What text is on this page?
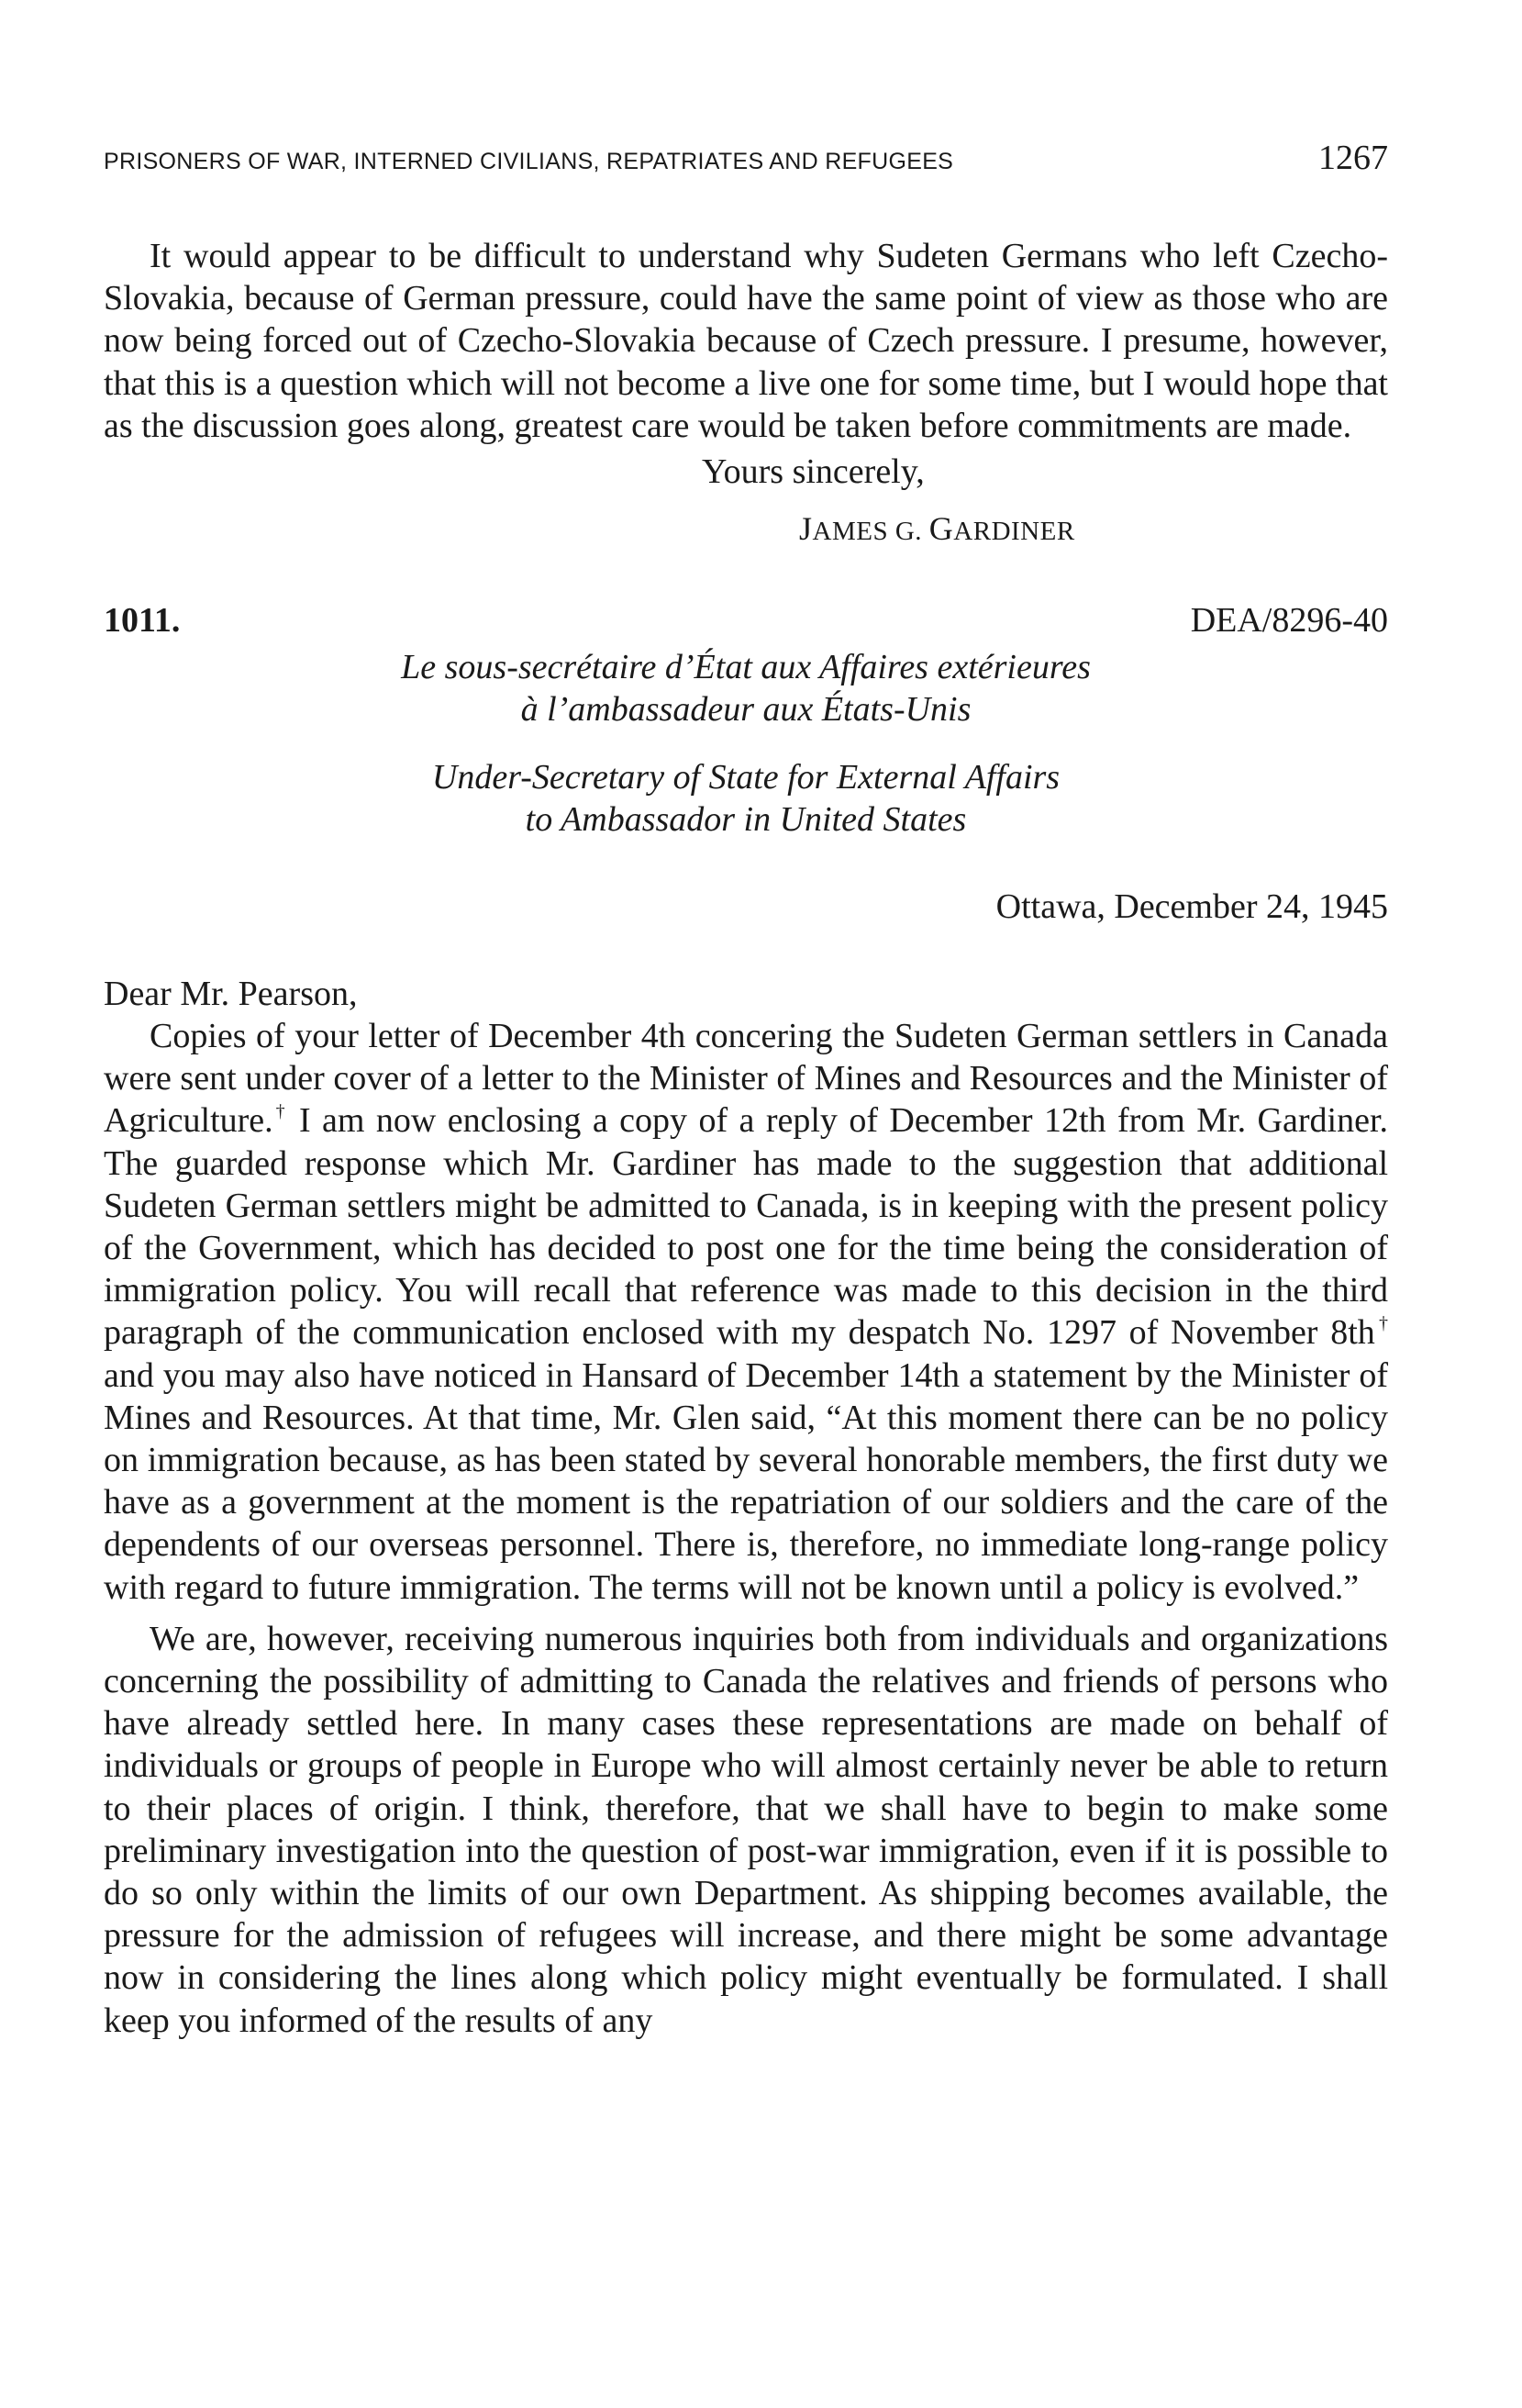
PRISONERS OF WAR, INTERNED CIVILIANS, REPATRIATES AND REFUGEES	1267

It would appear to be difficult to understand why Sudeten Germans who left Czecho-Slovakia, because of German pressure, could have the same point of view as those who are now being forced out of Czecho-Slovakia because of Czech pressure. I presume, however, that this is a question which will not become a live one for some time, but I would hope that as the discussion goes along, greatest care would be taken before commitments are made.

Yours sincerely,
JAMES G. GARDINER
1011.	DEA/8296-40
Le sous-secrétaire d’État aux Affaires extérieures
à l’ambassadeur aux États-Unis
Under-Secretary of State for External Affairs
to Ambassador in United States
Ottawa, December 24, 1945
Dear Mr. Pearson,

Copies of your letter of December 4th concering the Sudeten German settlers in Canada were sent under cover of a letter to the Minister of Mines and Resources and the Minister of Agriculture.† I am now enclosing a copy of a reply of December 12th from Mr. Gardiner. The guarded response which Mr. Gardiner has made to the suggestion that additional Sudeten German settlers might be admitted to Canada, is in keeping with the present policy of the Government, which has decided to post one for the time being the consideration of immigration policy. You will recall that reference was made to this decision in the third paragraph of the communication enclosed with my despatch No. 1297 of November 8th† and you may also have noticed in Hansard of December 14th a statement by the Minister of Mines and Resources. At that time, Mr. Glen said, “At this moment there can be no policy on immigration because, as has been stated by several honorable members, the first duty we have as a government at the moment is the repatriation of our soldiers and the care of the dependents of our overseas personnel. There is, therefore, no immediate long-range policy with regard to future immigration. The terms will not be known until a policy is evolved.”

We are, however, receiving numerous inquiries both from individuals and organizations concerning the possibility of admitting to Canada the relatives and friends of persons who have already settled here. In many cases these representations are made on behalf of individuals or groups of people in Europe who will almost certainly never be able to return to their places of origin. I think, therefore, that we shall have to begin to make some preliminary investigation into the question of post-war immigration, even if it is possible to do so only within the limits of our own Department. As shipping becomes available, the pressure for the admission of refugees will increase, and there might be some advantage now in considering the lines along which policy might eventually be formulated. I shall keep you informed of the results of any
